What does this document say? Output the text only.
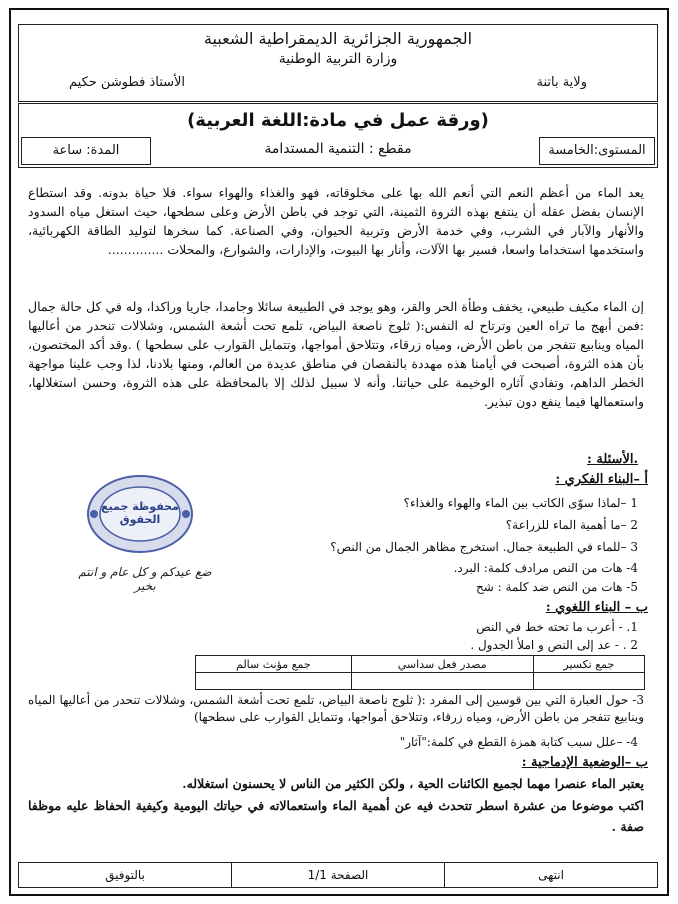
الجمهورية الجزائرية الديمقراطية الشعبية
وزارة التربية الوطنية
ولاية باتنة
الأستاذ فطوشن حكيم
(ورقة عمل في مادة:اللغة العربية)
المستوى:الخامسة
مقطع : التنمية المستدامة
المدة: ساعة
يعد الماء من أعظم النعم التي أنعم الله بها على مخلوقاته، فهو والغذاء والهواء سواء. فلا حياة بدونه. وقد استطاع الإنسان بفضل عقله أن ينتفع بهذه الثروة الثمينة، التي توجد في باطن الأرض وعلى سطحها، حيث استغل مياه السدود والأنهار والآبار في الشرب، وفي خدمة الأرض وتربية الحيوان، وفي الصناعة. كما سخرها لتوليد الطاقة الكهربائية، واستخدمها استخداما واسعا، فسير بها الآلات، وأنار بها البيوت، والإدارات، والشوارع، والمحلات ..............
إن الماء مكيف طبيعي، يخفف وطأة الحر والقر، وهو يوجد في الطبيعة سائلا وجامدا، جاريا وراكدا، وله في كل حالة جمال :فمن أبهج ما تراه العين وترتاح له النفس:( ثلوج ناصعة البياض، تلمع تحت أشعة الشمس، وشلالات تنحدر من أعاليها المياه وينابيع تتفجر من باطن الأرض، ومياه زرقاء، وتتلاحق أمواجها، وتتمايل القوارب على سطحها ) .وقد أكد المختصون، بأن هذه الثروة، أصبحت في أيامنا هذه مهددة بالنقصان في مناطق عديدة من العالم، ومنها بلادنا، لذا وجب علينا مواجهة الخطر الداهم، وتفادي آثاره الوخيمة على حياتنا. وأنه لا سبيل لذلك إلا بالمحافظة على هذه الثروة، وحسن استغلالها، واستعمالها فيما ينفع دون تبذير.
.الأسئلة :
أ –البناء الفكري :
1 –لماذا سوّى الكاتب بين الماء والهواء والغذاء؟
2 –ما أهمية الماء للزراعة؟
3 –للماء في الطبيعة جمال. استخرج مظاهر الجمال من النص؟
4- هات من النص مرادف كلمة: البرد.
5- هات من النص ضد كلمة : شح
ب – البناء اللغوي :
1. - أعرب ما تحته خط في النص
2 . - عد إلى النص و املأ الجدول .
جمع تكسير	مصدر فعل سداسي	جمع مؤنث سالم

3- حول العبارة التي بين قوسين إلى المفرد :( ثلوج ناصعة البياض، تلمع تحت أشعة الشمس، وشلالات تنحدر من أعاليها المياه وينابيع تتفجر من باطن الأرض، ومياه زرقاء، وتتلاحق أمواجها، وتتمايل القوارب على سطحها)
4- –علل سبب كتابة همزة القطع في كلمة:"آثار"
ب –الوضعية الإدماجية :
يعتبر الماء عنصرا مهما لجميع الكائنات الحية ، ولكن الكثير من الناس لا يحسنون استغلاله.
اكتب موضوعا من عشرة اسطر تتحدث فيه عن أهمية الماء واستعمالاته في حياتك اليومية وكيفية الحفاظ عليه موظفا صفة .
محفوظة جميع الحقوق
ضع عيدكم و كل عام و انتم بخير
انتهى
الصفحة 1/1
بالتوفيق
